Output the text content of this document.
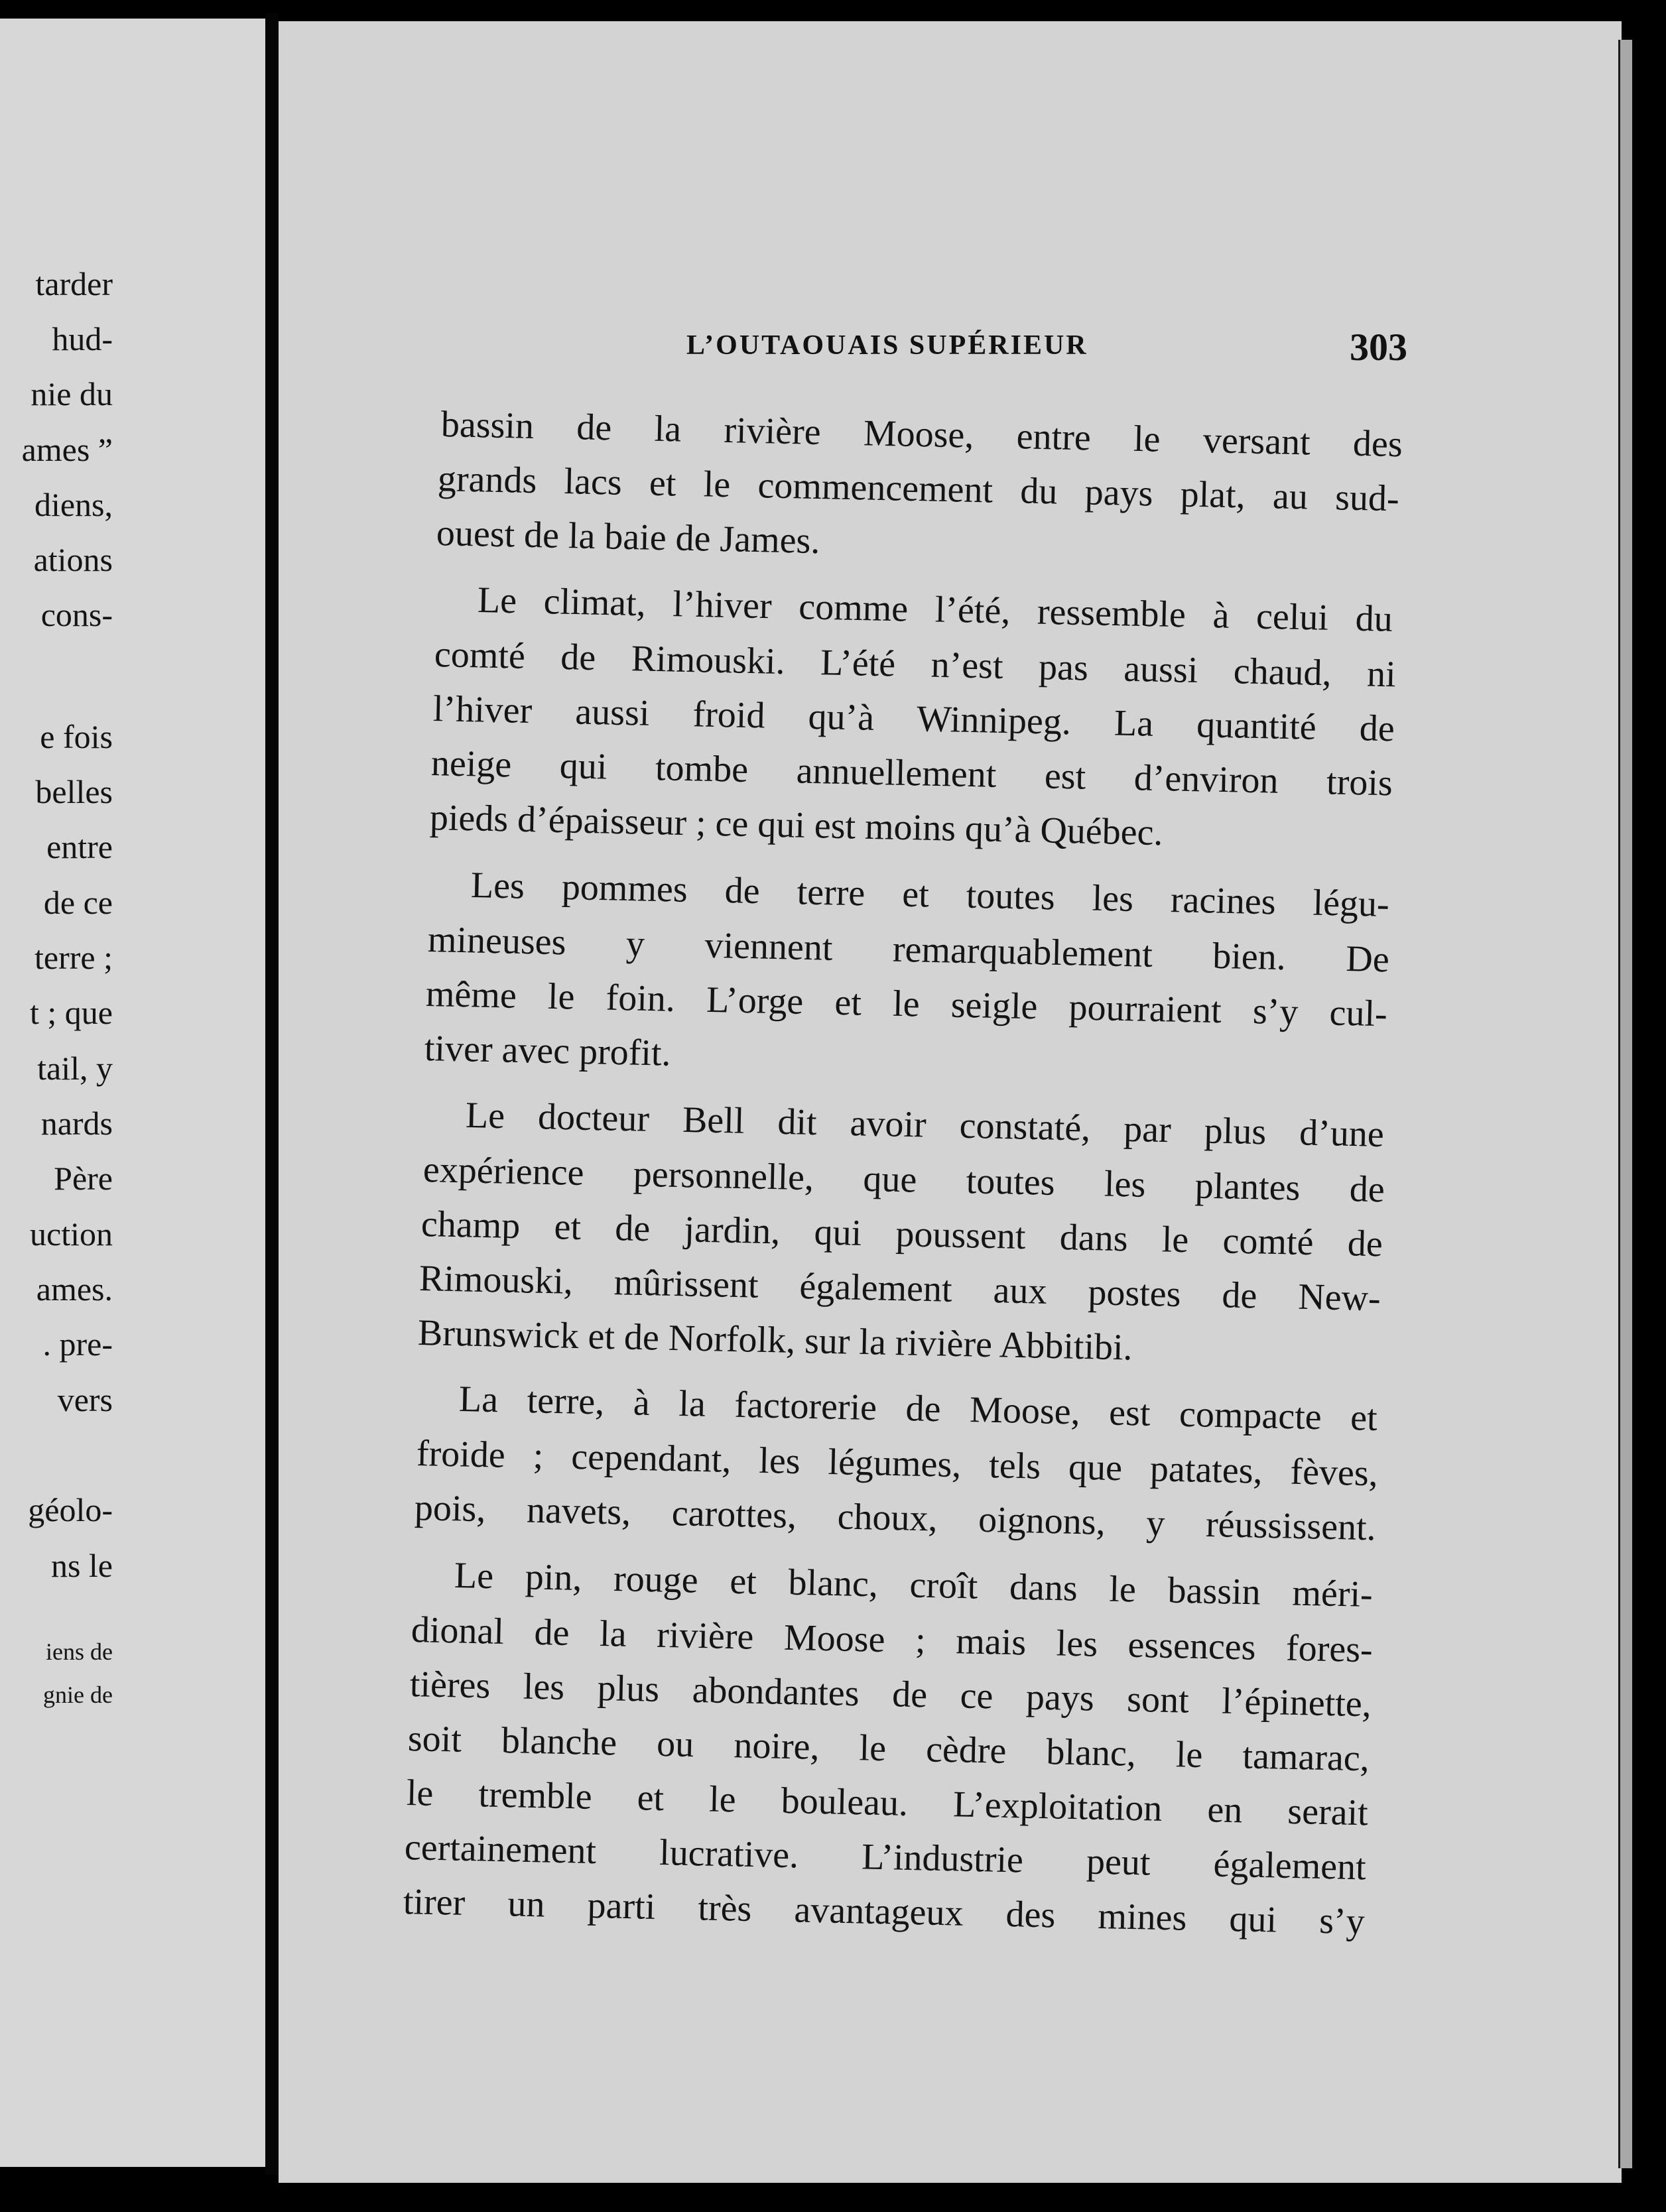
tarder
hud-
nie du
ames ”
diens,
ations
cons-
e fois
belles
entre
de ce
terre ;
t ; que
tail, y
nards
Père
uction
ames.
. pre-
vers
géolo-
ns le
iens de
gnie de
L’OUTAOUAIS SUPÉRIEUR	303
bassin de la rivière Moose, entre le versant des
grands lacs et le commencement du pays plat, au sud-
ouest de la baie de James.
Le climat, l’hiver comme l’été, ressemble à celui du
comté de Rimouski. L’été n’est pas aussi chaud, ni
l’hiver aussi froid qu’à Winnipeg. La quantité de
neige qui tombe annuellement est d’environ trois
pieds d’épaisseur ; ce qui est moins qu’à Québec.
Les pommes de terre et toutes les racines légu-
mineuses y viennent remarquablement bien. De
même le foin. L’orge et le seigle pourraient s’y cul-
tiver avec profit.
Le docteur Bell dit avoir constaté, par plus d’une
expérience personnelle, que toutes les plantes de
champ et de jardin, qui poussent dans le comté de
Rimouski, mûrissent également aux postes de New-
Brunswick et de Norfolk, sur la rivière Abbitibi.
La terre, à la factorerie de Moose, est compacte et
froide ; cependant, les légumes, tels que patates, fèves,
pois, navets, carottes, choux, oignons, y réussissent.
Le pin, rouge et blanc, croît dans le bassin méri-
dional de la rivière Moose ; mais les essences fores-
tières les plus abondantes de ce pays sont l’épinette,
soit blanche ou noire, le cèdre blanc, le tamarac,
le tremble et le bouleau. L’exploitation en serait
certainement lucrative. L’industrie peut également
tirer un parti très avantageux des mines qui s’y
